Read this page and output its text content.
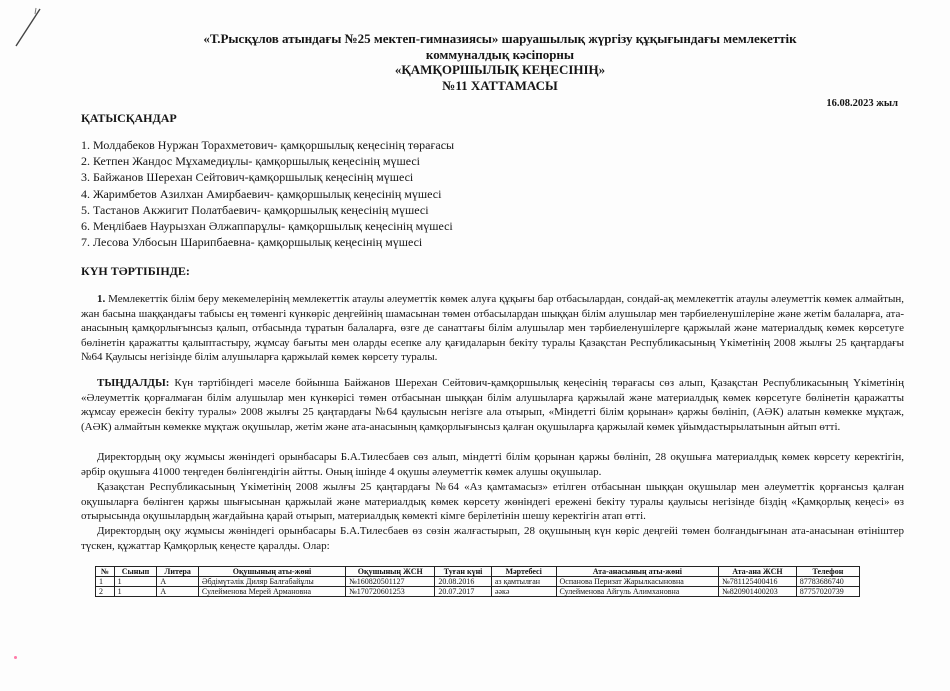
«Т.Рысқұлов атындағы №25 мектеп-гимназиясы» шаруашылық жүргізу құқығындағы мемлекеттік
коммуналдық кәсіпорны
«ҚАМҚОРШЫЛЫҚ КЕҢЕСІНІҢ»
№11 ХАТТАМАСЫ
16.08.2023 жыл
ҚАТЫСҚАНДАР
1. Молдабеков Нуржан Торахметович- қамқоршылық кеңесінің төрағасы
2. Кетпен Жандос Мұхамедиұлы- қамқоршылық кеңесінің мүшесі
3. Байжанов Шерехан Сейтович-қамқоршылық кеңесінің мүшесі
4. Жаримбетов Азилхан Амирбаевич- қамқоршылық кеңесінің мүшесі
5. Тастанов Акжигит Полатбаевич- қамқоршылық кеңесінің мүшесі
6. Меңлібаев Наурызхан Әлжаппарұлы- қамқоршылық кеңесінің мүшесі
7. Лесова Улбосын Шарипбаевна- қамқоршылық кеңесінің мүшесі
КҮН ТӘРТІБІНДЕ:

1. Мемлекеттік білім беру мекемелерінің мемлекеттік атаулы әлеуметтік көмек алуға құқығы бар отбасылардан, сондай-ақ мемлекеттік атаулы әлеуметтік көмек алмайтын, жан басына шаққандағы табысы ең төменгі күнкөріс деңгейінің шамасынан төмен отбасылардан шыққан білім алушылар мен тәрбиеленушілеріне және жетім балаларға, ата-анасының қамқорлығынсыз қалып, отбасында тұратын балаларға, өзге де санаттағы білім алушылар мен тәрбиеленушілерге қаржылай және материалдық көмек көрсетуге бөлінетін қаражатты қалыптастыру, жұмсау бағыты мен оларды есепке алу қағидаларын бекіту туралы Қазақстан Республикасының Үкіметінің 2008 жылғы 25 қаңтардағы №64 Қаулысы негізінде білім алушыларға қаржылай көмек көрсету туралы.

ТЫҢДАЛДЫ: Күн тәртібіндегі мәселе бойынша Байжанов Шерехан Сейтович-қамқоршылық кеңесінің төрағасы сөз алып, Қазақстан Республикасының Үкіметінің «Әлеуметтік қорғалмаған білім алушылар мен күнкөрісі төмен отбасынан шыққан білім алушыларға қаржылай және материалдық көмек көрсетуге бөлінетін қаражатты жұмсау ережесін бекіту туралы» 2008 жылғы 25 қаңтардағы №64 қаулысын негізге ала отырып, «Міндетті білім қорынан» қаржы бөлініп, (АӘК) алатын көмекке мұқтаж, (АӘК) алмайтын көмекке мұқтаж оқушылар, жетім және ата-анасының қамқорлығынсыз қалған оқушыларға қаржылай көмек ұйымдастырылатынын айтып өтті.

Директордың оқу жұмысы жөніндегі орынбасары Б.А.Тилесбаев сөз алып, міндетті білім қорынан қаржы бөлініп, 28 оқушыға материалдық көмек көрсету керектігін, әрбір оқушыға 41000 теңгеден бөлінгендігін айтты. Оның ішінде 4 оқушы әлеуметтік көмек алушы оқушылар.

Қазақстан Республикасының Үкіметінің 2008 жылғы 25 қаңтардағы №64 «Аз қамтамасыз» етілген отбасынан шыққан оқушылар мен әлеуметтік қорғансыз қалған оқушыларға бөлінген қаржы шығысынан қаржылай және материалдық көмек көрсету жөніндегі ережені бекіту туралы қаулысы негізінде біздің «Қамқорлық кеңесі» өз отырысында оқушылардың жағдайына қарай отырып, материалдық көмекті кімге берілетінін шешу керектігін атап өтті.

Директордың оқу жұмысы жөніндегі орынбасары Б.А.Тилесбаев өз сөзін жалғастырып, 28 оқушының күн көріс деңгейі төмен болғандығынан ата-анасынан өтініштер түскен, құжаттар Қамқорлық кеңесте қаралды. Олар:

№	Сынып	Литера	Оқушының аты-жөні	Оқушының ЖСН	Туған күні	Мәртебесі	Ата-анасының аты-жөні	Ата-ана ЖСН	Телефон
1	1	А	Әбдімүтәлік Диляр Балғабайұлы	№160820501127	20.08.2016	аз қамтылған	Оспанова Перизат Жарылкасыновна	№781125400416	87783686740
2	1	А	Сулейменова Мерей Армановна	№170720601253	20.07.2017	әәкә	Сулейменова Айгуль Алимхановна	№820901400203	87757020739
